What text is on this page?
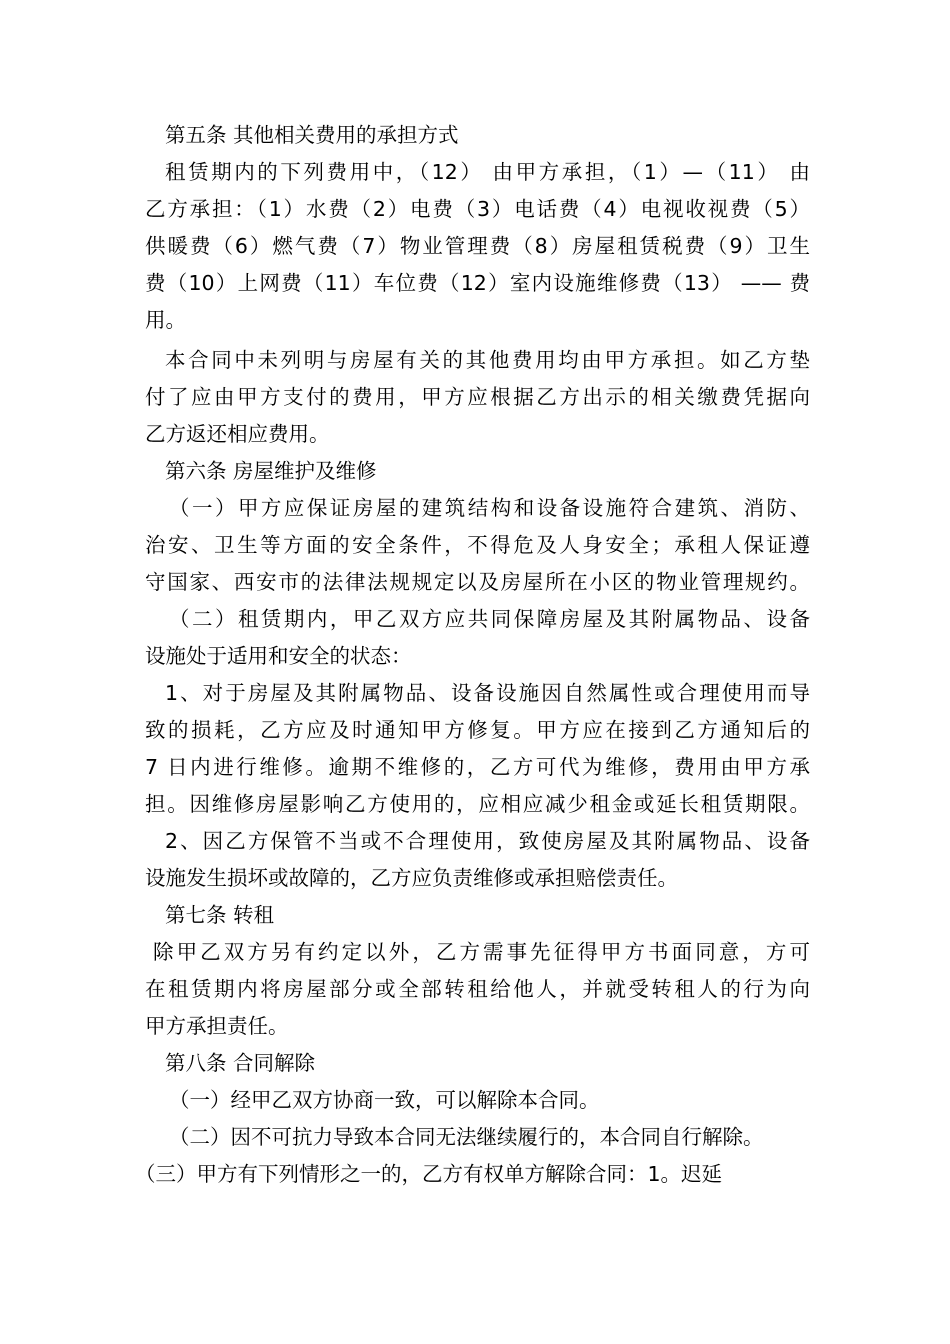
第五条 其他相关费用的承担方式
租赁期内的下列费用中，（12） 由甲方承担，（1）—（11） 由
乙方承担：（1）水费（2）电费（3）电话费（4）电视收视费（5）
供暖费（6）燃气费（7）物业管理费（8）房屋租赁税费（9）卫生
费（10）上网费（11）车位费（12）室内设施维修费（13） —— 费
用。
本合同中未列明与房屋有关的其他费用均由甲方承担。如乙方垫
付了应由甲方支付的费用，甲方应根据乙方出示的相关缴费凭据向
乙方返还相应费用。
第六条 房屋维护及维修
（一）甲方应保证房屋的建筑结构和设备设施符合建筑、消防、
治安、卫生等方面的安全条件，不得危及人身安全；承租人保证遵
守国家、西安市的法律法规规定以及房屋所在小区的物业管理规约。
（二）租赁期内，甲乙双方应共同保障房屋及其附属物品、设备
设施处于适用和安全的状态：
1、对于房屋及其附属物品、设备设施因自然属性或合理使用而导
致的损耗，乙方应及时通知甲方修复。甲方应在接到乙方通知后的
7 日内进行维修。逾期不维修的，乙方可代为维修，费用由甲方承
担。因维修房屋影响乙方使用的，应相应减少租金或延长租赁期限。
2、因乙方保管不当或不合理使用，致使房屋及其附属物品、设备
设施发生损坏或故障的，乙方应负责维修或承担赔偿责任。
第七条 转租
除甲乙双方另有约定以外，乙方需事先征得甲方书面同意，方可
在租赁期内将房屋部分或全部转租给他人，并就受转租人的行为向
甲方承担责任。
第八条 合同解除
（一）经甲乙双方协商一致，可以解除本合同。
（二）因不可抗力导致本合同无法继续履行的，本合同自行解除。
（三）甲方有下列情形之一的，乙方有权单方解除合同：1。迟延
